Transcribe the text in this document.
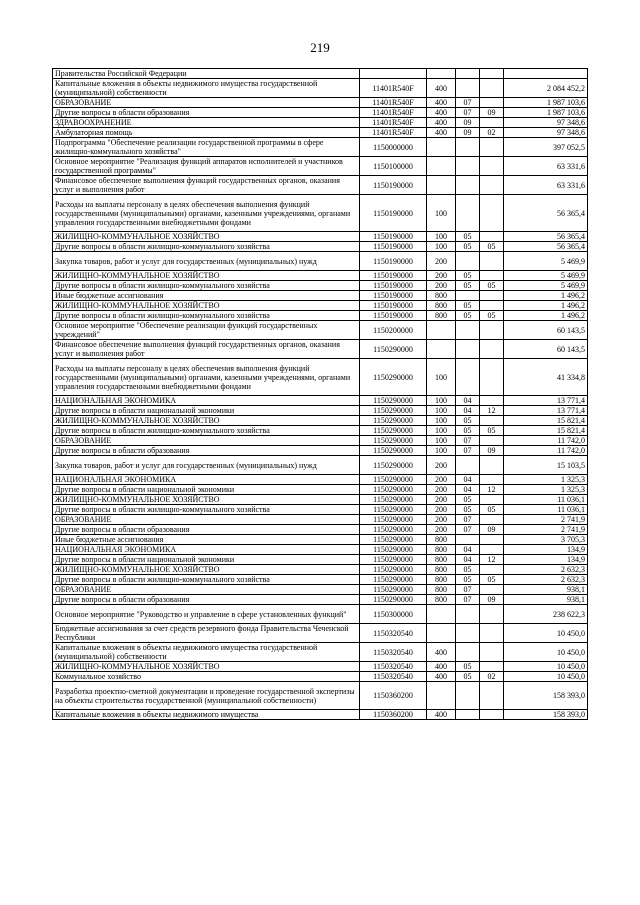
219
Правительства Российской Федерации					
Капитальные вложения в объекты недвижимого имущества государственной (муниципальной) собственности	11401R540F	400			2 084 452,2
ОБРАЗОВАНИЕ	11401R540F	400	07		1 987 103,6
Другие вопросы в области образования	11401R540F	400	07	09	1 987 103,6
ЗДРАВООХРАНЕНИЕ	11401R540F	400	09		97 348,6
Амбулаторная помощь	11401R540F	400	09	02	97 348,6
Подпрограмма "Обеспечение реализации государственной программы в сфере жилищно-коммунального хозяйства"	1150000000				397 052,5
Основное мероприятие "Реализация функций аппаратов исполнителей и участников государственной программы"	1150100000				63 331,6
Финансовое обеспечение выполнения функций государственных органов, оказания услуг и выполнения работ	1150190000				63 331,6
Расходы на выплаты персоналу в целях обеспечения выполнения функций государственными (муниципальными) органами, казенными учреждениями, органами управления государственными внебюджетными фондами	1150190000	100			56 365,4
ЖИЛИЩНО-КОММУНАЛЬНОЕ ХОЗЯЙСТВО	1150190000	100	05		56 365,4
Другие вопросы в области жилищно-коммунального хозяйства	1150190000	100	05	05	56 365,4
Закупка товаров, работ и услуг для государственных (муниципальных) нужд	1150190000	200			5 469,9
ЖИЛИЩНО-КОММУНАЛЬНОЕ ХОЗЯЙСТВО	1150190000	200	05		5 469,9
Другие вопросы в области жилищно-коммунального хозяйства	1150190000	200	05	05	5 469,9
Иные бюджетные ассигнования	1150190000	800			1 496,2
ЖИЛИЩНО-КОММУНАЛЬНОЕ ХОЗЯЙСТВО	1150190000	800	05		1 496,2
Другие вопросы в области жилищно-коммунального хозяйства	1150190000	800	05	05	1 496,2
Основное мероприятие "Обеспечение реализации функций государственных учреждений"	1150200000				60 143,5
Финансовое обеспечение выполнения функций государственных органов, оказания услуг и выполнения работ	1150290000				60 143,5
Расходы на выплаты персоналу в целях обеспечения выполнения функций государственными (муниципальными) органами, казенными учреждениями, органами управления государственными внебюджетными фондами	1150290000	100			41 334,8
НАЦИОНАЛЬНАЯ ЭКОНОМИКА	1150290000	100	04		13 771,4
Другие вопросы в области национальной экономики	1150290000	100	04	12	13 771,4
ЖИЛИЩНО-КОММУНАЛЬНОЕ ХОЗЯЙСТВО	1150290000	100	05		15 821,4
Другие вопросы в области жилищно-коммунального хозяйства	1150290000	100	05	05	15 821,4
ОБРАЗОВАНИЕ	1150290000	100	07		11 742,0
Другие вопросы в области образования	1150290000	100	07	09	11 742,0
Закупка товаров, работ и услуг для государственных (муниципальных) нужд	1150290000	200			15 103,5
НАЦИОНАЛЬНАЯ ЭКОНОМИКА	1150290000	200	04		1 325,3
Другие вопросы в области национальной экономики	1150290000	200	04	12	1 325,3
ЖИЛИЩНО-КОММУНАЛЬНОЕ ХОЗЯЙСТВО	1150290000	200	05		11 036,1
Другие вопросы в области жилищно-коммунального хозяйства	1150290000	200	05	05	11 036,1
ОБРАЗОВАНИЕ	1150290000	200	07		2 741,9
Другие вопросы в области образования	1150290000	200	07	09	2 741,9
Иные бюджетные ассигнования	1150290000	800			3 705,3
НАЦИОНАЛЬНАЯ ЭКОНОМИКА	1150290000	800	04		134,9
Другие вопросы в области национальной экономики	1150290000	800	04	12	134,9
ЖИЛИЩНО-КОММУНАЛЬНОЕ ХОЗЯЙСТВО	1150290000	800	05		2 632,3
Другие вопросы в области жилищно-коммунального хозяйства	1150290000	800	05	05	2 632,3
ОБРАЗОВАНИЕ	1150290000	800	07		938,1
Другие вопросы в области образования	1150290000	800	07	09	938,1
Основное мероприятие "Руководство и управление в сфере установленных функций"	1150300000				238 622,3
Бюджетные ассигнования за счет средств резервного фонда Правительства Чеченской Республики	1150320540				10 450,0
Капитальные вложения в объекты недвижимого имущества государственной (муниципальной) собственности	1150320540	400			10 450,0
ЖИЛИЩНО-КОММУНАЛЬНОЕ ХОЗЯЙСТВО	1150320540	400	05		10 450,0
Коммунальное хозяйство	1150320540	400	05	02	10 450,0
Разработка проектно-сметной документации и проведение государственной экспертизы на объекты строительства государственной (муниципальной собственности)	1150360200				158 393,0
Капитальные вложения в объекты недвижимого имущества	1150360200	400			158 393,0
